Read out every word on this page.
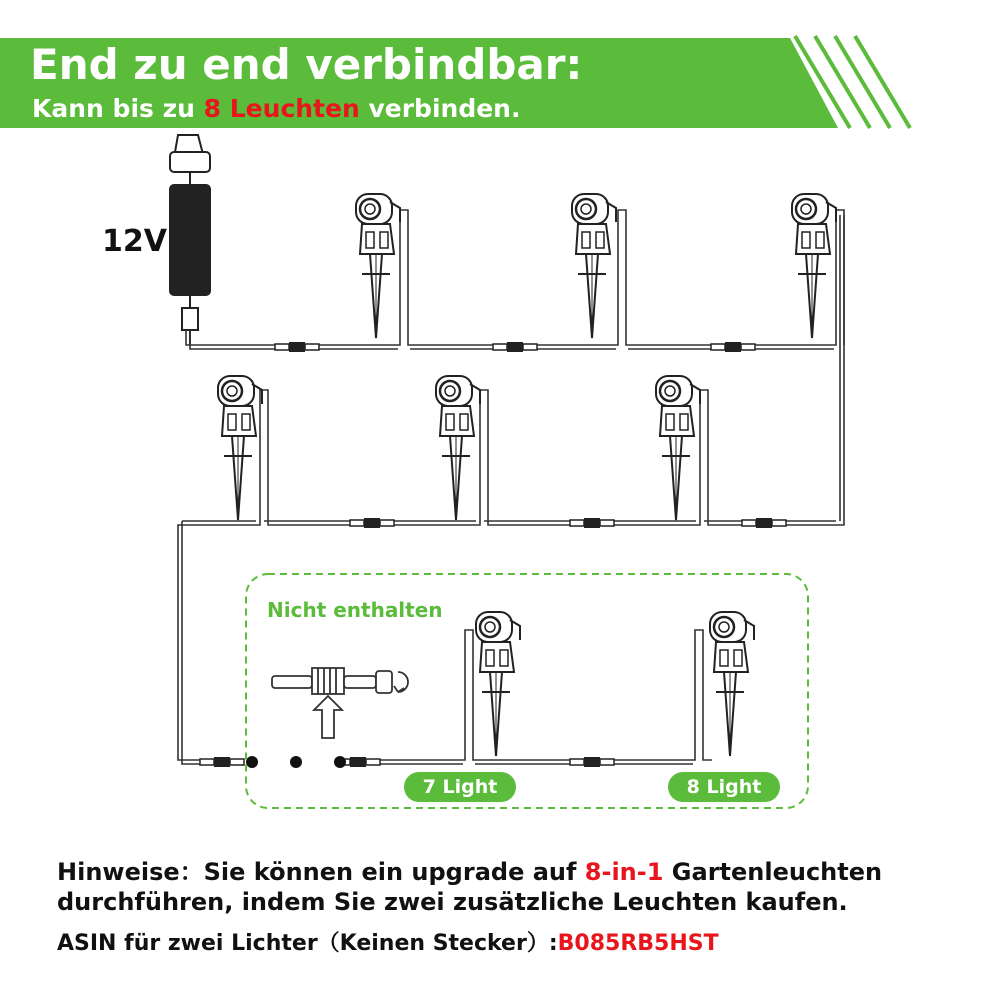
End zu end verbindbar:
Kann bis zu 8 Leuchten verbinden.
12V
Nicht enthalten
7 Light	8 Light
Hinweise：Sie können ein upgrade auf 8-in-1 Gartenleuchten
durchführen, indem Sie zwei zusätzliche Leuchten kaufen.
ASIN für zwei Lichter（Keinen Stecker）:B085RB5HST
